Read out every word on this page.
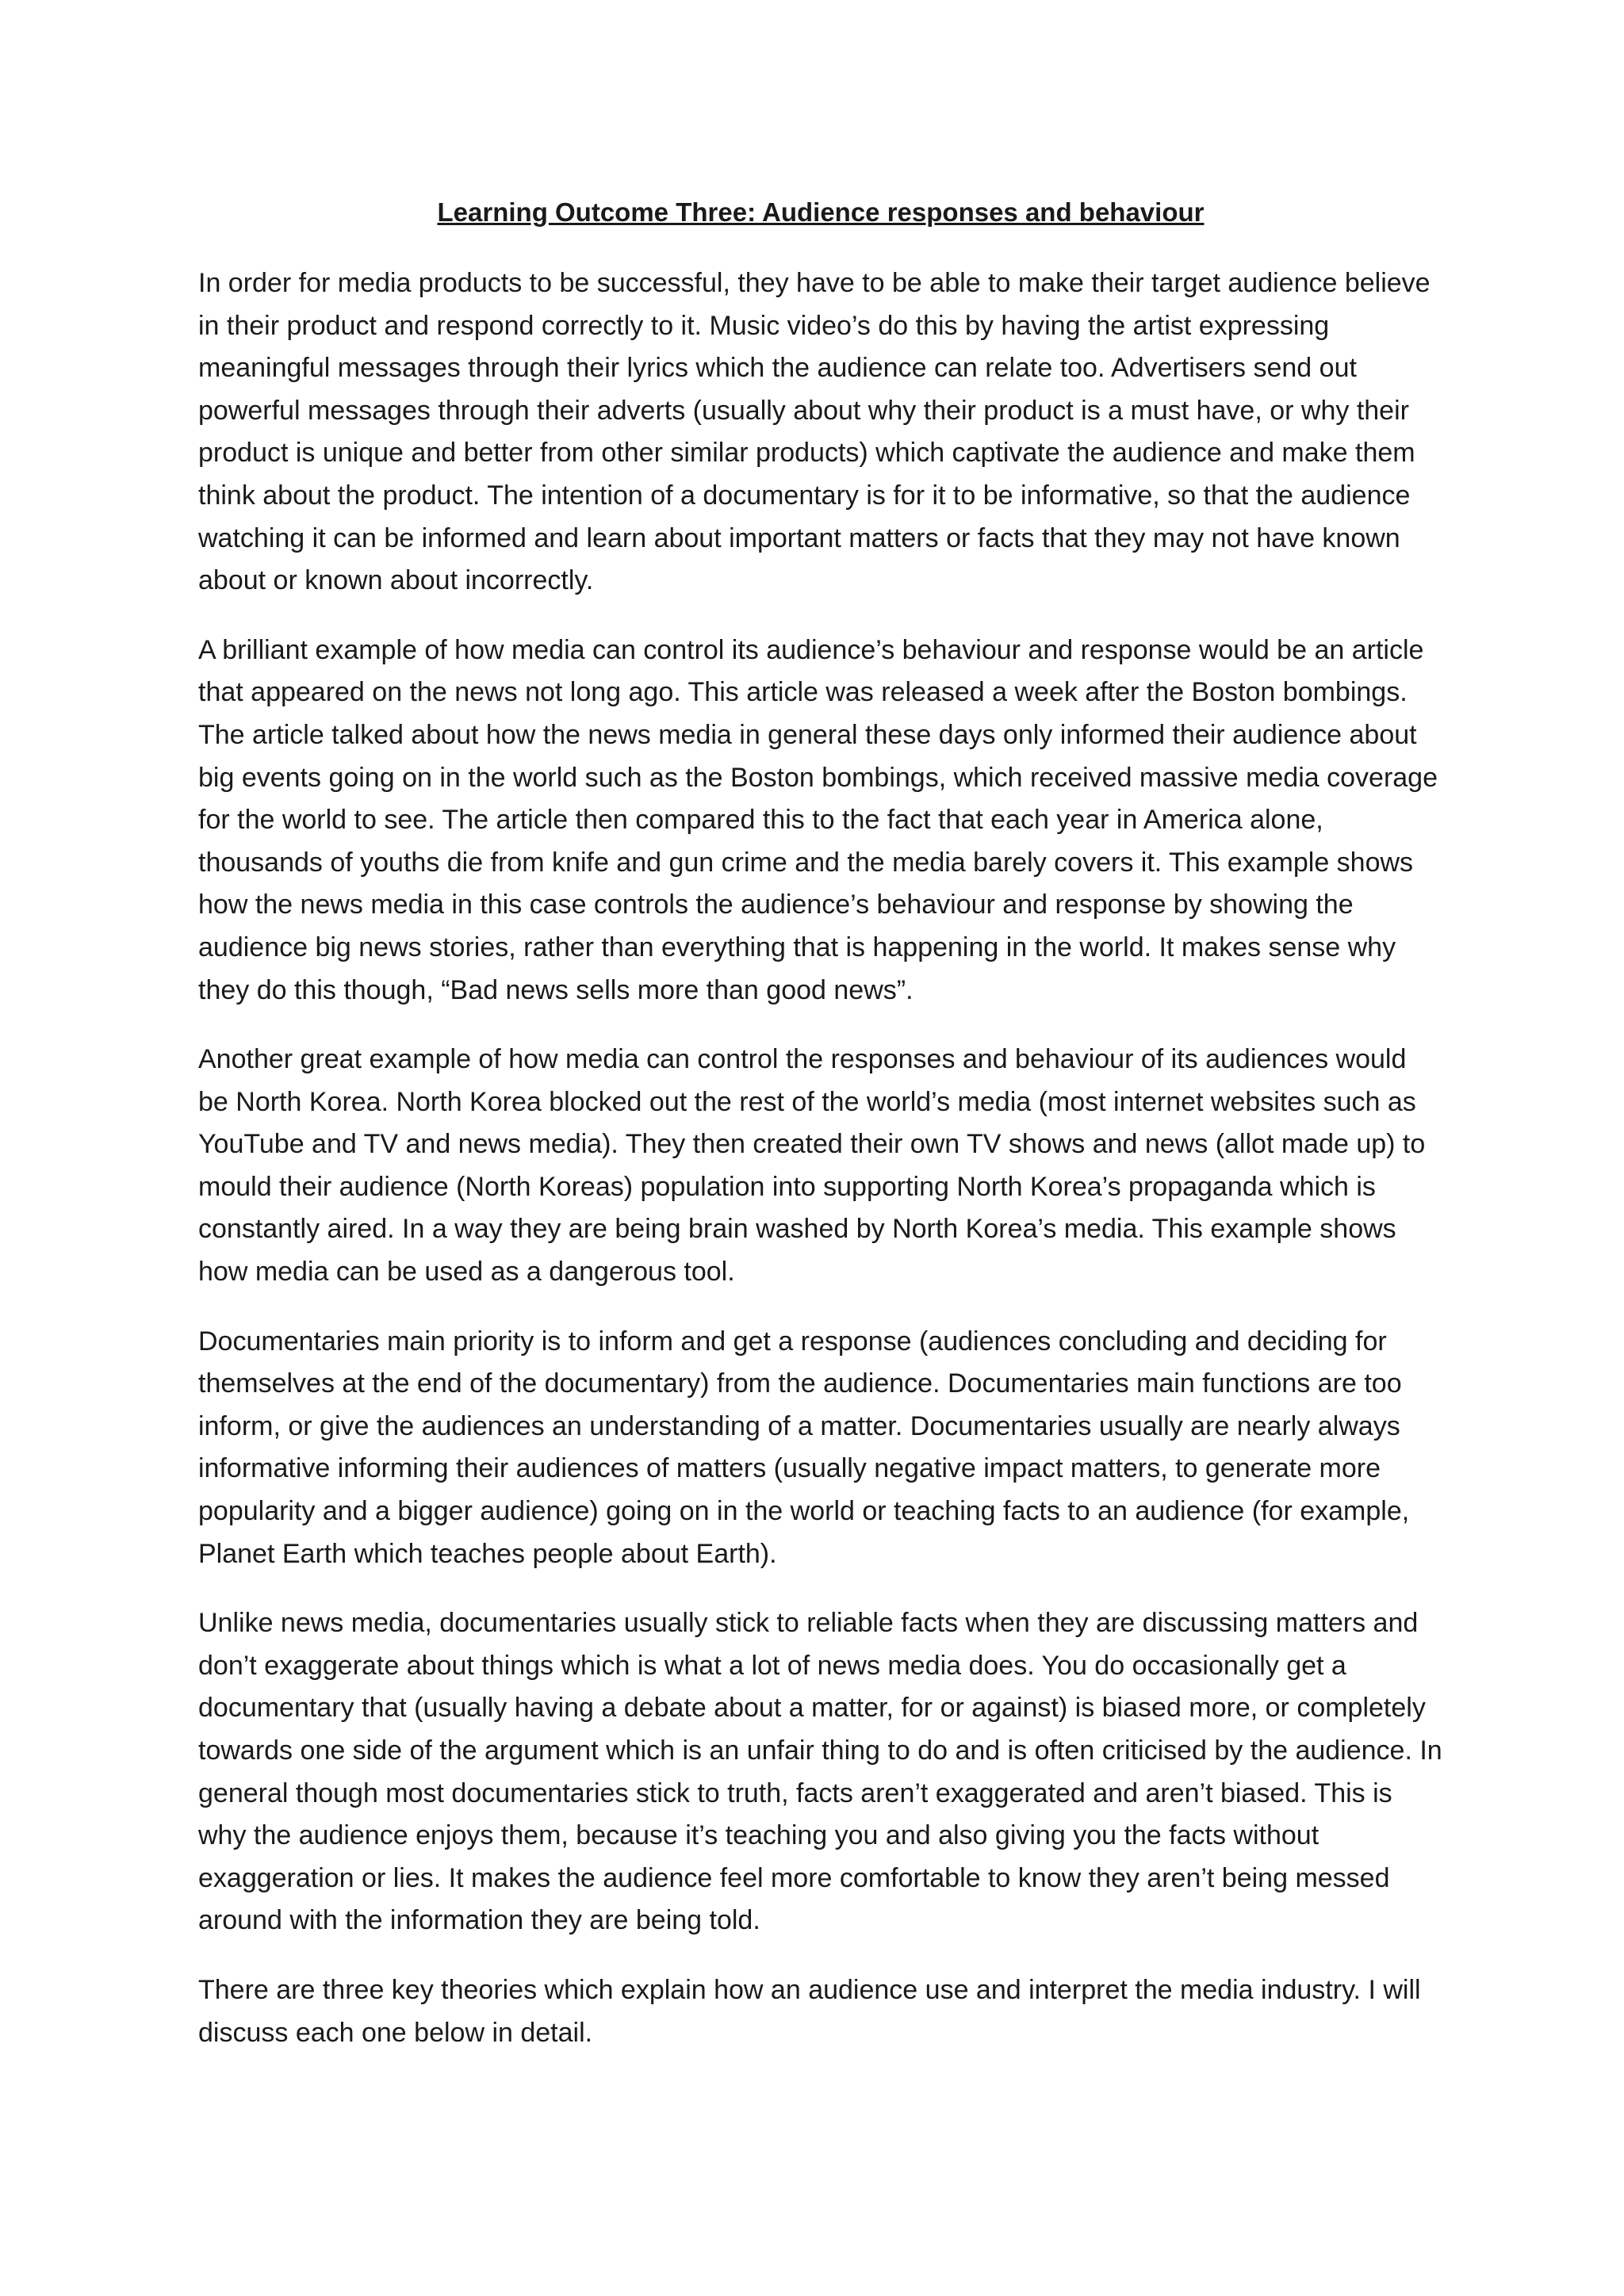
Learning Outcome Three: Audience responses and behaviour

In order for media products to be successful, they have to be able to make their target audience believe in their product and respond correctly to it. Music video’s do this by having the artist expressing meaningful messages through their lyrics which the audience can relate too. Advertisers send out powerful messages through their adverts (usually about why their product is a must have, or why their product is unique and better from other similar products) which captivate the audience and make them think about the product. The intention of a documentary is for it to be informative, so that the audience watching it can be informed and learn about important matters or facts that they may not have known about or known about incorrectly.

A brilliant example of how media can control its audience’s behaviour and response would be an article that appeared on the news not long ago. This article was released a week after the Boston bombings. The article talked about how the news media in general these days only informed their audience about big events going on in the world such as the Boston bombings, which received massive media coverage for the world to see. The article then compared this to the fact that each year in America alone, thousands of youths die from knife and gun crime and the media barely covers it. This example shows how the news media in this case controls the audience’s behaviour and response by showing the audience big news stories, rather than everything that is happening in the world. It makes sense why they do this though, “Bad news sells more than good news”.

Another great example of how media can control the responses and behaviour of its audiences would be North Korea. North Korea blocked out the rest of the world’s media (most internet websites such as YouTube and TV and news media). They then created their own TV shows and news (allot made up) to mould their audience (North Koreas) population into supporting North Korea’s propaganda which is constantly aired. In a way they are being brain washed by North Korea’s media. This example shows how media can be used as a dangerous tool.

Documentaries main priority is to inform and get a response (audiences concluding and deciding for themselves at the end of the documentary) from the audience. Documentaries main functions are too inform, or give the audiences an understanding of a matter. Documentaries usually are nearly always informative informing their audiences of matters (usually negative impact matters, to generate more popularity and a bigger audience) going on in the world or teaching facts to an audience (for example, Planet Earth which teaches people about Earth).

Unlike news media, documentaries usually stick to reliable facts when they are discussing matters and don’t exaggerate about things which is what a lot of news media does. You do occasionally get a documentary that (usually having a debate about a matter, for or against) is biased more, or completely towards one side of the argument which is an unfair thing to do and is often criticised by the audience. In general though most documentaries stick to truth, facts aren’t exaggerated and aren’t biased. This is why the audience enjoys them, because it’s teaching you and also giving you the facts without exaggeration or lies. It makes the audience feel more comfortable to know they aren’t being messed around with the information they are being told.

There are three key theories which explain how an audience use and interpret the media industry. I will discuss each one below in detail.
